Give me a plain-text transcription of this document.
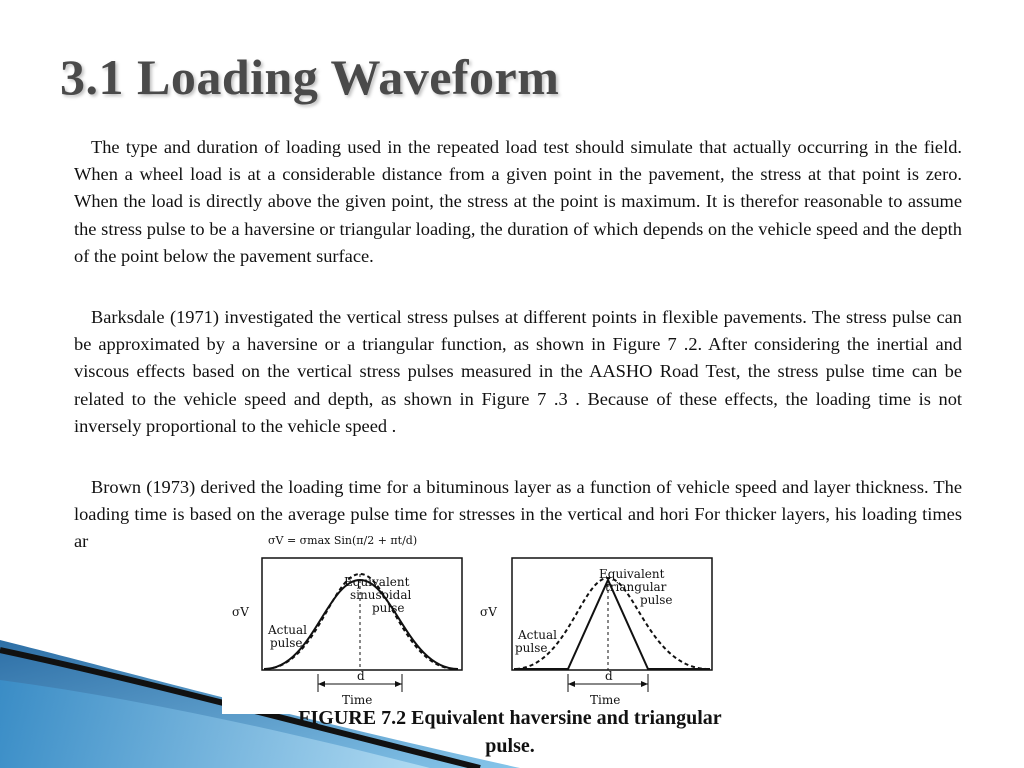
3.1 Loading Waveform

The type and duration of loading used in the repeated load test should simulate that actually occurring in the field. When a wheel load is at a considerable distance from a given point in the pavement, the stress at that point is zero. When the load is directly above the given point, the stress at the point is maximum. It is therefor reasonable to assume the stress pulse to be a haversine or triangular loading, the duration of which depends on the vehicle speed and the depth of the point below the pavement surface.

Barksdale (1971) investigated the vertical stress pulses at different points in flexible pavements. The stress pulse can be approximated by a haversine or a triangular function, as shown in Figure 7 .2. After considering the inertial and viscous effects based on the vertical stress pulses measured in the AASHO Road Test, the stress pulse time can be related to the vehicle speed and depth, as shown in Figure 7 .3 . Because of these effects, the loading time is not inversely proportional to the vehicle speed .

Brown (1973) derived the loading time for a bituminous layer as a function of vehicle speed and layer thickness. The loading time is based on the average pulse time for stresses in the vertical and hori For thicker layers, his loading times ar	σV = σmax Sin(π/2 + πt/d)
σV
Equivalent
sinusoidal
pulse
Actual
pulse
d
Time
σV
Equivalent
triangular
pulse
Actual
pulse
d
Time

FIGURE 7.2 Equivalent haversine and triangular pulse.
